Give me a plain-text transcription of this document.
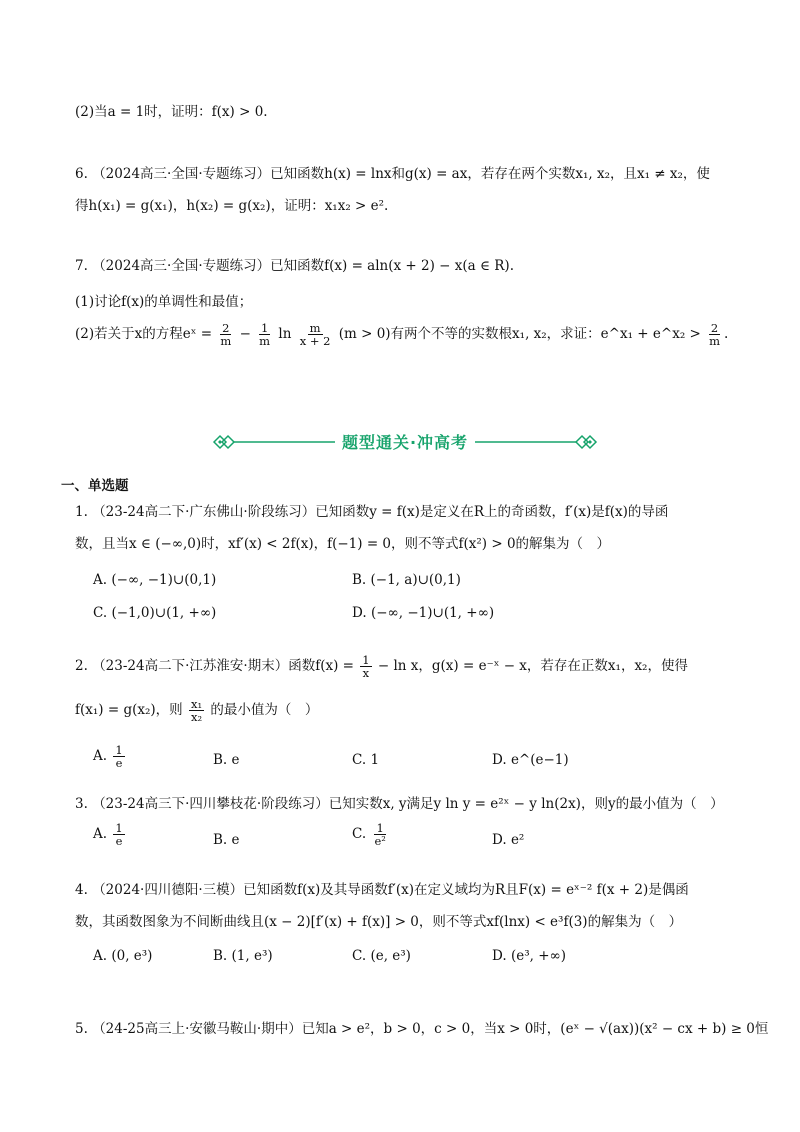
(2)当a = 1时，证明：f(x) > 0.
6. （2024高三·全国·专题练习）已知函数h(x) = lnx和g(x) = ax，若存在两个实数x₁, x₂，且x₁ ≠ x₂，使
得h(x₁) = g(x₁)，h(x₂) = g(x₂)，证明：x₁x₂ > e².
7. （2024高三·全国·专题练习）已知函数f(x) = aln(x + 2) − x(a ∈ R).
(1)讨论f(x)的单调性和最值；
(2)若关于x的方程eˣ = $\frac{2}{m} - \frac{1}{m}$ $\ln \frac{m}{x + 2} (m > 0)$有两个不等的实数根x₁, x₂，求证：e^x₁ + e^x₂ > $\frac{2}{m}$ .
题型通关·冲高考
一、单选题
1. （23-24高二下·广东佛山·阶段练习）已知函数y = f(x)是定义在R上的奇函数，f′(x)是f(x)的导函
数，且当x ∈ (−∞,0)时，xf′(x) < 2f(x)，f(−1) = 0，则不等式f(x²) > 0的解集为（　）
A. (−∞, −1)∪(0,1)	B. (−1, a)∪(0,1)
C. (−1,0)∪(1, +∞)	D. (−∞, −1)∪(1, +∞)
2. （23-24高二下·江苏淮安·期末）函数$f(x) = \frac{1}{x} - \ln x$，g(x) = e⁻ˣ − x，若存在正数x₁，x₂，使得
f(x₁) = g(x₂)，则 $\frac{\text{x₁}}{\text{x₂}}$ 的最小值为（　）
A. $\frac{1}{e}$	B. e	C. 1	D. e^(e−1)
3. （23-24高三下·四川攀枝花·阶段练习）已知实数x, y满足y ln y = e²ˣ − y ln(2x)，则y的最小值为（　）
A. $\frac{1}{e}$	B. e	C. $\frac{1}{\text{e²}}$	D. e²
4. （2024·四川德阳·三模）已知函数f(x)及其导函数f′(x)在定义域均为R且F(x) = eˣ⁻² f(x + 2)是偶函
数，其函数图象为不间断曲线且(x − 2)[f′(x) + f(x)] > 0，则不等式xf(lnx) < e³f(3)的解集为（　）
A. (0, e³)	B. (1, e³)	C. (e, e³)	D. (e³, +∞)
5. （24-25高三上·安徽马鞍山·期中）已知a > e²，b > 0，c > 0，当x > 0时，(eˣ − √(ax))(x² − cx + b) ≥ 0恒
